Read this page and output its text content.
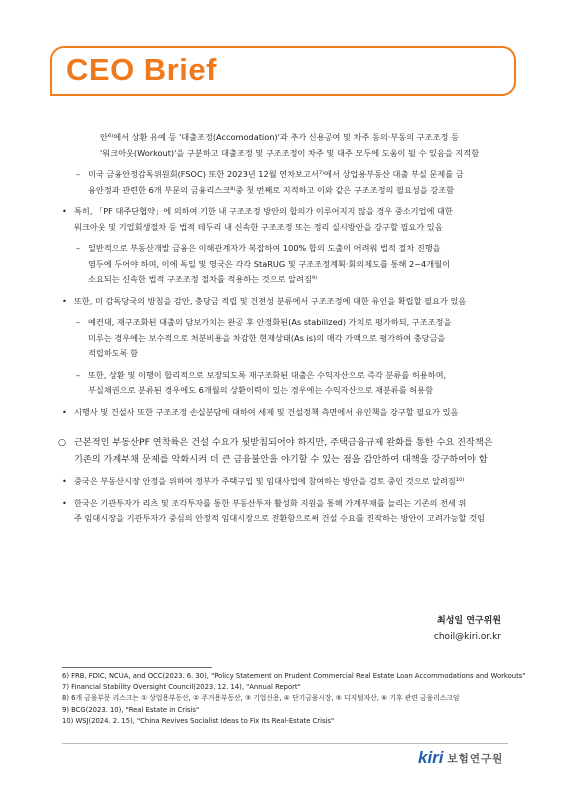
CEO Brief
안⁶⁾에서 상환 유예 등 '대출조정(Accomodation)'과 추가 신용공여 및 차주 동의·부동의 구조조정 등
'워크아웃(Workout)'을 구분하고 대출조정 및 구조조정이 차주 및 대주 모두에 도움이 될 수 있음을 지적함
– 미국 금융안정감독위원회(FSOC) 또한 2023년 12월 연차보고서⁷⁾에서 상업용부동산 대출 부실 문제를 금
융안정과 관련한 6개 부문의 금융리스크⁸⁾중 첫 번째로 지적하고 이와 같은 구조조정의 필요성을 강조함
• 특히, 「PF 대주단협약」에 의하여 기한 내 구조조정 방안의 합의가 이루어지지 않을 경우 중소기업에 대한
워크아웃 및 기업회생절차 등 법적 테두리 내 신속한 구조조정 또는 정리 실시방안을 강구할 필요가 있음
– 일반적으로 부동산개발 금융은 이해관계자가 복잡하여 100% 합의 도출이 어려워 법적 절차 진행을
염두에 두어야 하며, 이에 독일 및 영국은 각각 StaRUG 및 구조조정계획·회의제도를 통해 2~4개월이
소요되는 신속한 법적 구조조정 절차를 적용하는 것으로 알려짐⁹⁾
• 또한, 미 감독당국의 방침을 감안, 충당금 적립 및 건전성 분류에서 구조조정에 대한 유인을 확립할 필요가 있음
– 예컨대, 재구조화된 대출의 담보가치는 완공 후 안정화된(As stabilized) 가치로 평가하되, 구조조정을
미루는 경우에는 보수적으로 처분비용을 차감한 현재상태(As is)의 매각 가액으로 평가하여 충당금을
적립하도록 함
– 또한, 상환 및 이행이 합리적으로 보장되도록 재구조화된 대출은 수익자산으로 즉각 분류를 허용하며,
부실채권으로 분류된 경우에도 6개월의 상환이력이 있는 경우에는 수익자산으로 재분류를 허용함
• 시행사 및 건설사 또한 구조조정 손실분담에 대하여 세제 및 건설정책 측면에서 유인책을 강구할 필요가 있음
○ 근본적인 부동산PF 연착륙은 건설 수요가 뒷받침되어야 하지만, 주택금융규제 완화를 통한 수요 진작책은
기존의 가계부채 문제를 악화시켜 더 큰 금융불안을 야기할 수 있는 점을 감안하여 대책을 강구하여야 함
• 중국은 부동산시장 안정을 위하여 정부가 주택구입 및 임대사업에 참여하는 방안을 검토 중인 것으로 알려짐¹⁰⁾
• 한국은 기관투자가 리츠 및 조각투자를 통한 부동산투자 활성화 지원을 통해 가계부채를 늘리는 기존의 전세 위
주 임대시장을 기관투자가 중심의 안정적 임대시장으로 전환함으로써 건설 수요를 진작하는 방안이 고려가능할 것임
최성일 연구위원
choil@kiri.or.kr
6) FRB, FDIC, NCUA, and OCC(2023. 6. 30), "Policy Statement on Prudent Commercial Real Estate Loan Accommodations and Workouts"
7) Financial Stability Oversight Council(2023. 12. 14), "Annual Report"
8) 6개 금융부문 리스크는 ① 상업용부동산, ② 주거용부동산, ③ 기업신용, ④ 단기금융시장, ⑤ 디지털자산, ⑥ 기후 관련 금융리스크임
9) BCG(2023. 10), "Real Estate in Crisis"
10) WSJ(2024. 2. 15), "China Revives Socialist Ideas to Fix Its Real-Estate Crisis"
kiri 보험연구원
